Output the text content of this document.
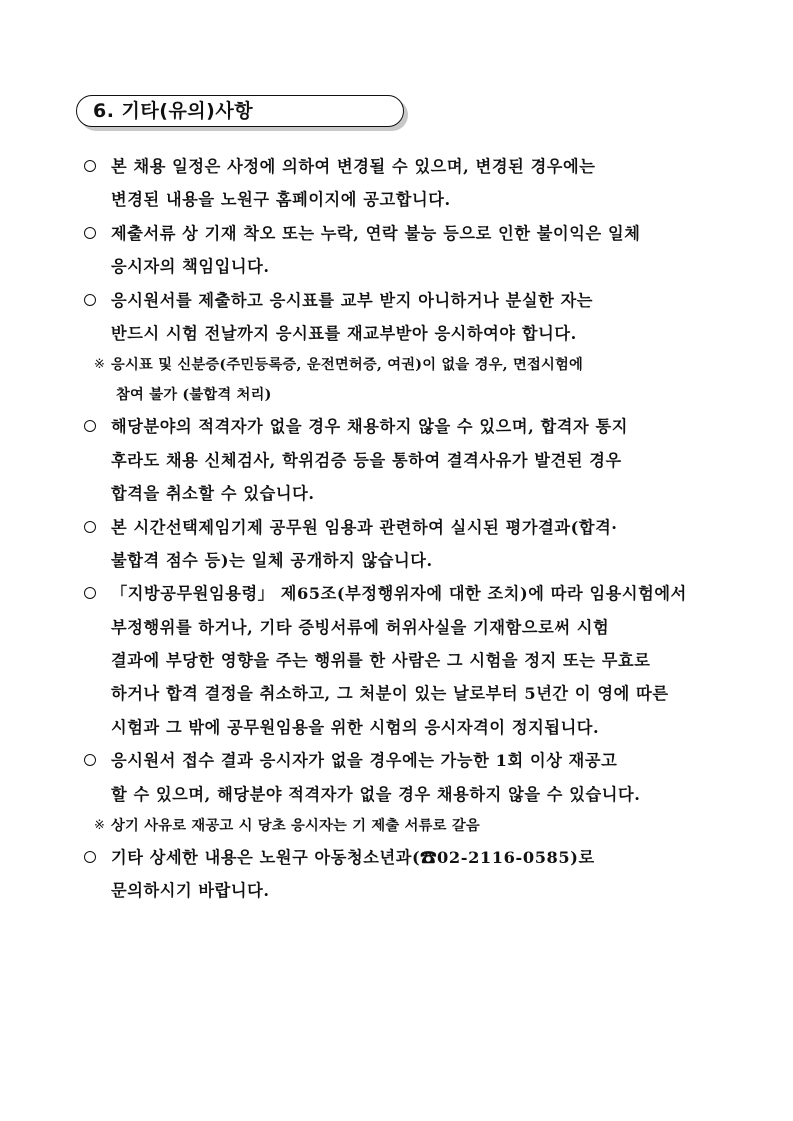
6. 기타(유의)사항
본 채용 일정은 사정에 의하여 변경될 수 있으며, 변경된 경우에는
변경된 내용을 노원구 홈페이지에 공고합니다.
제출서류 상 기재 착오 또는 누락, 연락 불능 등으로 인한 불이익은 일체
응시자의 책임입니다.
응시원서를 제출하고 응시표를 교부 받지 아니하거나 분실한 자는
반드시 시험 전날까지 응시표를 재교부받아 응시하여야 합니다.
※ 응시표 및 신분증(주민등록증, 운전면허증, 여권)이 없을 경우, 면접시험에
참여 불가 (불합격 처리)
해당분야의 적격자가 없을 경우 채용하지 않을 수 있으며, 합격자 통지
후라도 채용 신체검사, 학위검증 등을 통하여 결격사유가 발견된 경우
합격을 취소할 수 있습니다.
본 시간선택제임기제 공무원 임용과 관련하여 실시된 평가결과(합격·
불합격 점수 등)는 일체 공개하지 않습니다.
「지방공무원임용령」 제65조(부정행위자에 대한 조치)에 따라 임용시험에서
부정행위를 하거나, 기타 증빙서류에 허위사실을 기재함으로써 시험
결과에 부당한 영향을 주는 행위를 한 사람은 그 시험을 정지 또는 무효로
하거나 합격 결정을 취소하고, 그 처분이 있는 날로부터 5년간 이 영에 따른
시험과 그 밖에 공무원임용을 위한 시험의 응시자격이 정지됩니다.
응시원서 접수 결과 응시자가 없을 경우에는 가능한 1회 이상 재공고
할 수 있으며, 해당분야 적격자가 없을 경우 채용하지 않을 수 있습니다.
※ 상기 사유로 재공고 시 당초 응시자는 기 제출 서류로 갈음
기타 상세한 내용은 노원구 아동청소년과(☎02-2116-0585)로
문의하시기 바랍니다.
